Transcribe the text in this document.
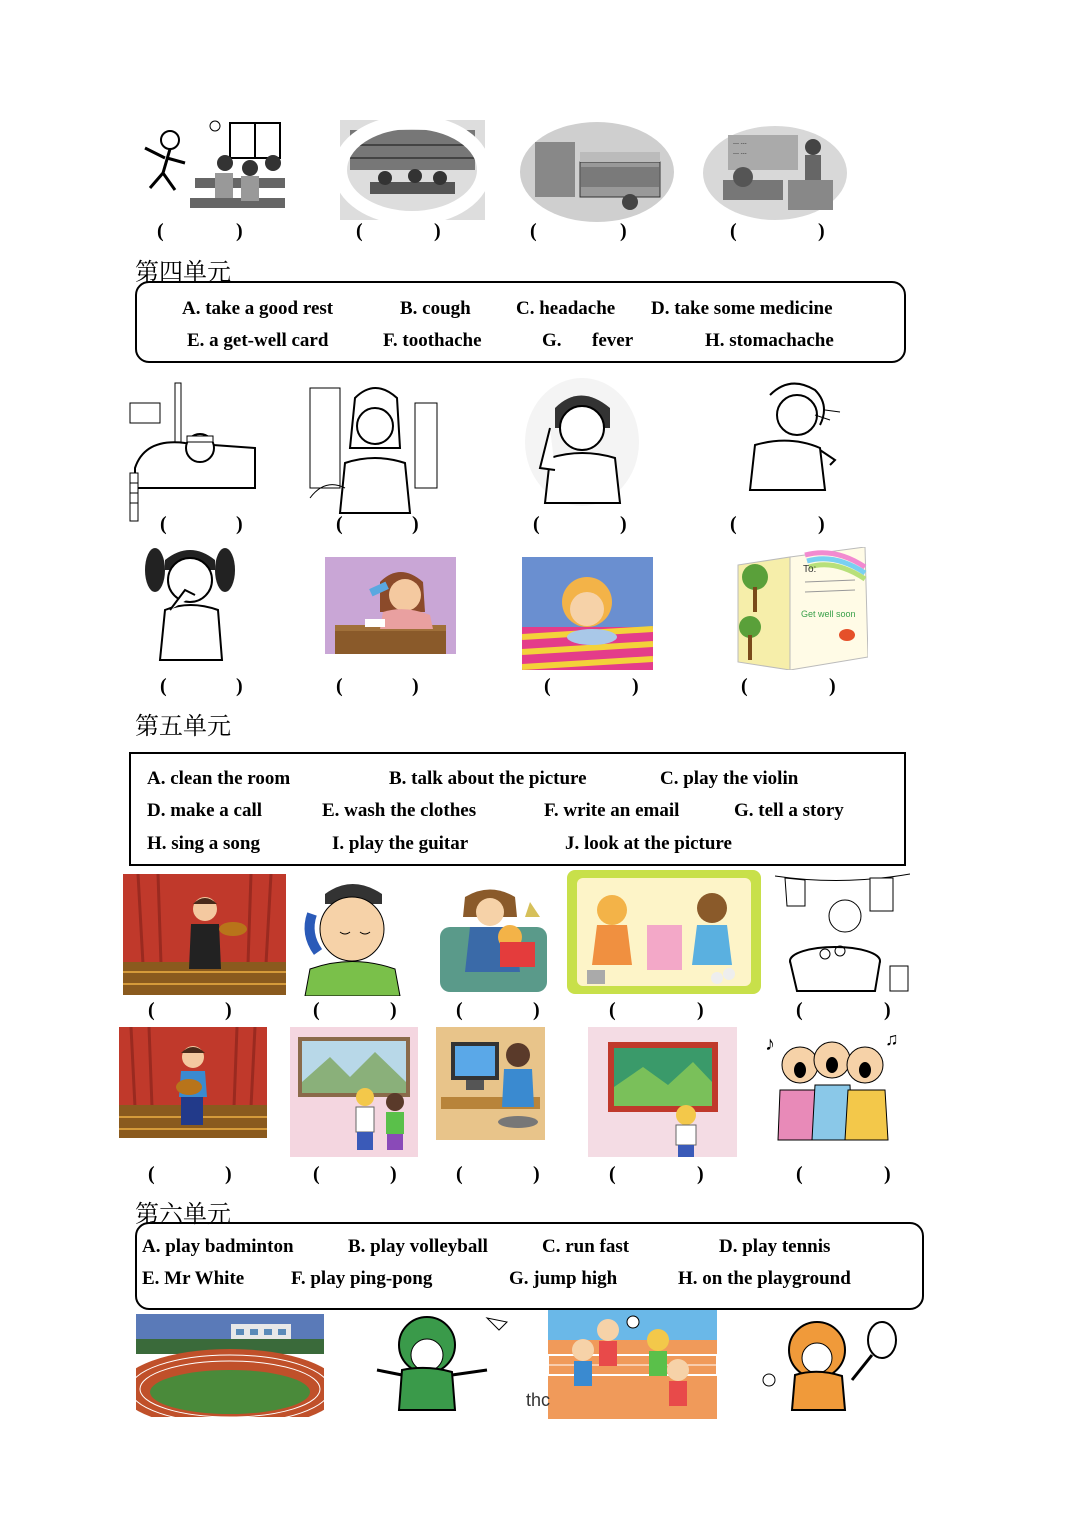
--- ---
--- ---
(	)	(	)	(	)	(	)
第四单元
A. take a good rest	B. cough C. headache D. take some medicine
E. a get-well card	F. toothache	G. fever	H. stomachache
(	)	(	)	(	)	(	)
To:
Get well soon
(	)	(	)	(	)	(	)
第五单元
A. clean the room	B. talk about the picture	C. play the violin
D. make a call	E. wash the clothes	F. write an email	G. tell a story
H. sing a song	I. play the guitar	J. look at the picture
(	)	(	)	(	)	(	)	(	)
♪	♫
(	)	(	)	(	)	(	)	(	)
第六单元
A. play badminton	B. play volleyball	C. run fast	D. play tennis
E. Mr White F. play ping-pong	G. jump high	H. on the playground
thc
